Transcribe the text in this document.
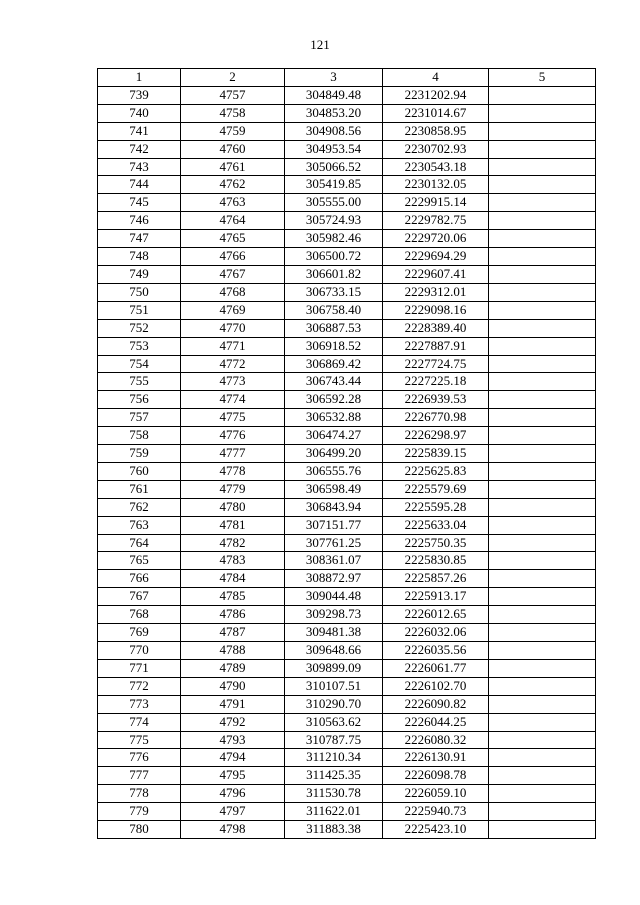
121
1	2	3	4	5
739	4757	304849.48	2231202.94	
740	4758	304853.20	2231014.67	
741	4759	304908.56	2230858.95	
742	4760	304953.54	2230702.93	
743	4761	305066.52	2230543.18	
744	4762	305419.85	2230132.05	
745	4763	305555.00	2229915.14	
746	4764	305724.93	2229782.75	
747	4765	305982.46	2229720.06	
748	4766	306500.72	2229694.29	
749	4767	306601.82	2229607.41	
750	4768	306733.15	2229312.01	
751	4769	306758.40	2229098.16	
752	4770	306887.53	2228389.40	
753	4771	306918.52	2227887.91	
754	4772	306869.42	2227724.75	
755	4773	306743.44	2227225.18	
756	4774	306592.28	2226939.53	
757	4775	306532.88	2226770.98	
758	4776	306474.27	2226298.97	
759	4777	306499.20	2225839.15	
760	4778	306555.76	2225625.83	
761	4779	306598.49	2225579.69	
762	4780	306843.94	2225595.28	
763	4781	307151.77	2225633.04	
764	4782	307761.25	2225750.35	
765	4783	308361.07	2225830.85	
766	4784	308872.97	2225857.26	
767	4785	309044.48	2225913.17	
768	4786	309298.73	2226012.65	
769	4787	309481.38	2226032.06	
770	4788	309648.66	2226035.56	
771	4789	309899.09	2226061.77	
772	4790	310107.51	2226102.70	
773	4791	310290.70	2226090.82	
774	4792	310563.62	2226044.25	
775	4793	310787.75	2226080.32	
776	4794	311210.34	2226130.91	
777	4795	311425.35	2226098.78	
778	4796	311530.78	2226059.10	
779	4797	311622.01	2225940.73	
780	4798	311883.38	2225423.10	
